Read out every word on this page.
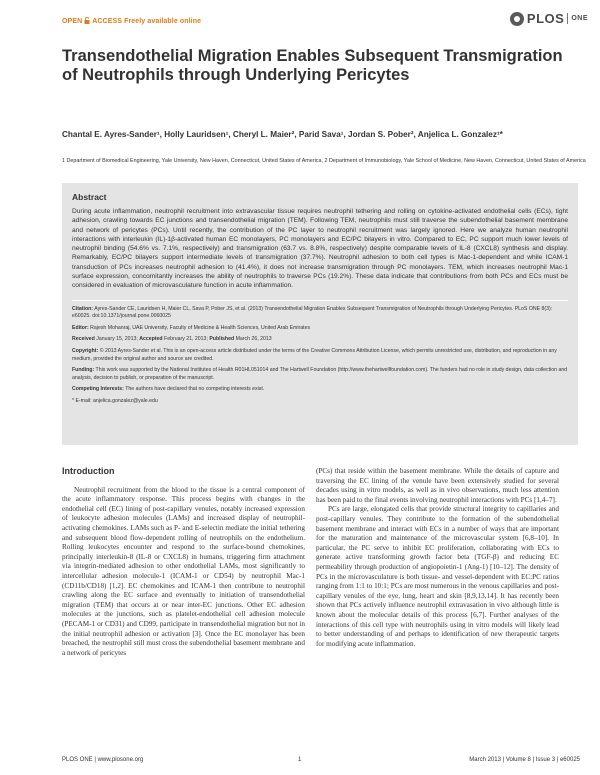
OPEN ACCESS Freely available online	PLOS ONE
Transendothelial Migration Enables Subsequent Transmigration of Neutrophils through Underlying Pericytes
Chantal E. Ayres-Sander¹, Holly Lauridsen¹, Cheryl L. Maier², Parid Sava¹, Jordan S. Pober², Anjelica L. Gonzalez¹*
1 Department of Biomedical Engineering, Yale University, New Haven, Connecticut, United States of America, 2 Department of Immunobiology, Yale School of Medicine, New Haven, Connecticut, United States of America
Abstract

During acute inflammation, neutrophil recruitment into extravascular tissue requires neutrophil tethering and rolling on cytokine-activated endothelial cells (ECs), tight adhesion, crawling towards EC junctions and transendothelial migration (TEM). Following TEM, neutrophils must still traverse the subendothelial basement membrane and network of pericytes (PCs). Until recently, the contribution of the PC layer to neutrophil recruitment was largely ignored. Here we analyze human neutrophil interactions with interleukin (IL)-1β-activated human EC monolayers, PC monolayers and EC/PC bilayers in vitro. Compared to EC, PC support much lower levels of neutrophil binding (54.6% vs. 7.1%, respectively) and transmigration (63.7 vs. 8.8%, respectively) despite comparable levels of IL-8 (CXCL8) synthesis and display. Remarkably, EC/PC bilayers support intermediate levels of transmigration (37.7%). Neutrophil adhesion to both cell types is Mac-1-dependent and while ICAM-1 transduction of PCs increases neutrophil adhesion to (41.4%), it does not increase transmigration through PC monolayers. TEM, which increases neutrophil Mac-1 surface expression, concomitantly increases the ability of neutrophils to traverse PCs (19.2%). These data indicate that contributions from both PCs and ECs must be considered in evaluation of microvasculature function in acute inflammation.

Citation: Ayres-Sander CE, Lauridsen H, Maier CL, Sava P, Pober JS, et al. (2013) Transendothelial Migration Enables Subsequent Transmigration of Neutrophils through Underlying Pericytes. PLoS ONE 8(3): e60025. doi:10.1371/journal.pone.0060025
Editor: Rajesh Mohanraj, UAE University, Faculty of Medicine & Health Sciences, United Arab Emirates
Received January 15, 2013; Accepted February 21, 2013; Published March 26, 2013
Copyright: © 2013 Ayres-Sander et al. This is an open-access article distributed under the terms of the Creative Commons Attribution License, which permits unrestricted use, distribution, and reproduction in any medium, provided the original author and source are credited.
Funding: This work was supported by the National Institutes of Health R01HL051014 and The Hartwell Foundation (http://www.thehartwellfoundation.com). The funders had no role in study design, data collection and analysis, decision to publish, or preparation of the manuscript.
Competing Interests: The authors have declared that no competing interests exist.
* E-mail: anjelica.gonzalez@yale.edu
Introduction

Neutrophil recruitment from the blood to the tissue is a central component of the acute inflammatory response. This process begins with changes in the endothelial cell (EC) lining of post-capillary venules, notably increased expression of leukocyte adhesion molecules (LAMs) and increased display of neutrophil-activating chemokines. LAMs such as P- and E-selectin mediate the initial tethering and subsequent blood flow-dependent rolling of neutrophils on the endothelium. Rolling leukocytes encounter and respond to the surface-bound chemokines, principally interleukin-8 (IL-8 or CXCL8) in humans, triggering firm attachment via integrin-mediated adhesion to other endothelial LAMs, most significantly to intercellular adhesion molecule-1 (ICAM-1 or CD54) by neutrophil Mac-1 (CD11b/CD18) [1,2]. EC chemokines and ICAM-1 then contribute to neutrophil crawling along the EC surface and eventually to initiation of transendothelial migration (TEM) that occurs at or near inter-EC junctions. Other EC adhesion molecules at the junctions, such as platelet-endothelial cell adhesion molecule (PECAM-1 or CD31) and CD99, participate in transendothelial migration but not in the initial neutrophil adhesion or activation [3]. Once the EC monolayer has been breached, the neutrophil still must cross the subendothelial basement membrane and a network of pericytes

(PCs) that reside within the basement membrane. While the details of capture and traversing the EC lining of the venule have been extensively studied for several decades using in vitro models, as well as in vivo observations, much less attention has been paid to the final events involving neutrophil interactions with PCs [1,4–7].

PCs are large, elongated cells that provide structural integrity to capillaries and post-capillary venules. They contribute to the formation of the subendothelial basement membrane and interact with ECs in a number of ways that are important for the maturation and maintenance of the microvascular system [6,8–10]. In particular, the PC serve to inhibit EC proliferation, collaborating with ECs to generate active transforming growth factor beta (TGF-β) and reducing EC permeability through production of angiopoietin-1 (Ang-1) [10–12]. The density of PCs in the microvasculature is both tissue- and vessel-dependent with EC:PC ratios ranging from 1:1 to 10:1; PCs are most numerous in the venous capillaries and post-capillary venules of the eye, lung, heart and skin [8,9,13,14]. It has recently been shown that PCs actively influence neutrophil extravasation in vivo although little is known about the molecular details of this process [6,7]. Further analyses of the interactions of this cell type with neutrophils using in vitro models will likely lead to better understanding of and perhaps to identification of new therapeutic targets for modifying acute inflammation.

PLOS ONE | www.plosone.org	1	March 2013 | Volume 8 | Issue 3 | e60025
